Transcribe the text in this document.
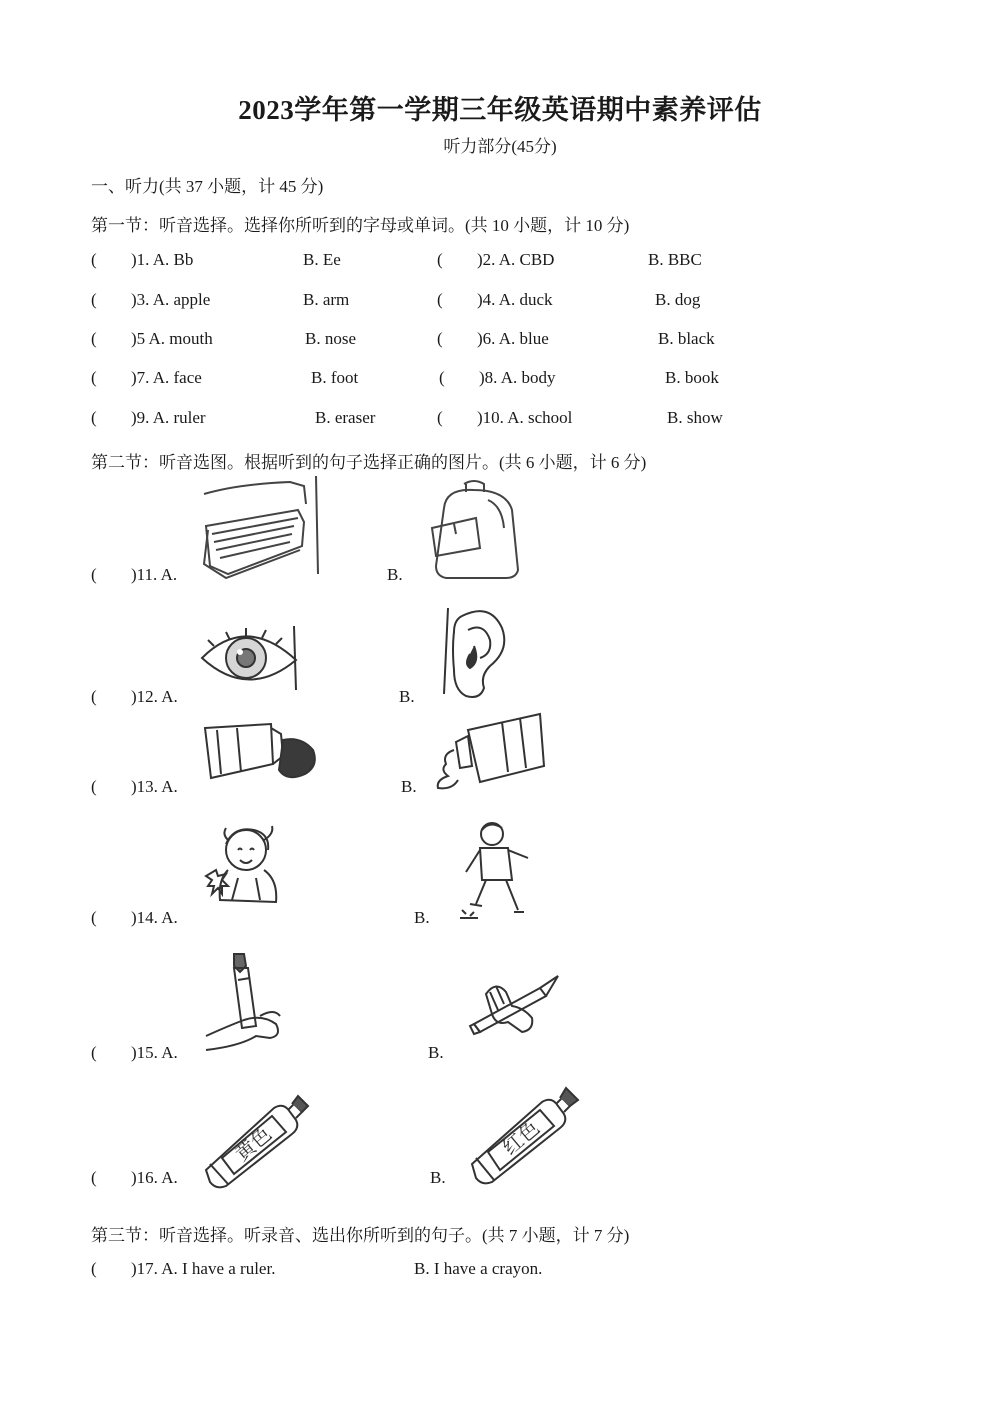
2023学年第一学期三年级英语期中素养评估
听力部分(45分)
一、听力(共 37 小题，计 45 分)
第一节：听音选择。选择你所听到的字母或单词。(共 10 小题，计 10 分)
( )1. A. Bb	B. Ee	( )2. A. CBD	B. BBC
( )3. A. apple	B. arm	( )4. A. duck	B. dog
( )5 A. mouth	B. nose	( )6. A. blue	B. black
( )7. A. face	B. foot	( )8. A. body	B. book
( )9. A. ruler	B. eraser	( )10. A. school	B. show
第二节：听音选图。根据听到的句子选择正确的图片。(共 6 小题，计 6 分)
( )11. A.	B.
( )12. A.	B.
( )13. A.	B.
( )14. A.	B.
( )15. A.	B.
( )16. A.	B.
黄色	红色
第三节：听音选择。听录音、选出你所听到的句子。(共 7 小题，计 7 分)
( )17. A. I have a ruler.	B. I have a crayon.
